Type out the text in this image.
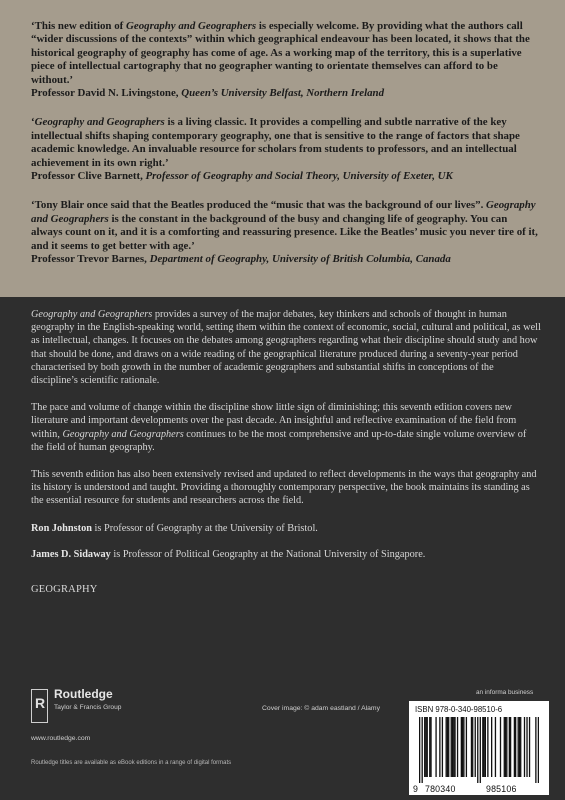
‘This new edition of Geography and Geographers is especially welcome. By providing what the authors call “wider discussions of the contexts” within which geographical endeavour has been located, it shows that the historical geography of geography has come of age. As a working map of the territory, this is a superlative piece of intellectual cartography that no geographer wanting to orientate themselves can afford to be without.’
Professor David N. Livingstone, Queen’s University Belfast, Northern Ireland

‘Geography and Geographers is a living classic. It provides a compelling and subtle narrative of the key intellectual shifts shaping contemporary geography, one that is sensitive to the range of factors that shape academic knowledge. An invaluable resource for scholars from students to professors, and an intellectual achievement in its own right.’
Professor Clive Barnett, Professor of Geography and Social Theory, University of Exeter, UK

‘Tony Blair once said that the Beatles produced the “music that was the background of our lives”. Geography and Geographers is the constant in the background of the busy and changing life of geography. You can always count on it, and it is a comforting and reassuring presence. Like the Beatles’ music you never tire of it, and it seems to get better with age.’
Professor Trevor Barnes, Department of Geography, University of British Columbia, Canada

Geography and Geographers provides a survey of the major debates, key thinkers and schools of thought in human geography in the English-speaking world, setting them within the context of economic, social, cultural and political, as well as intellectual, changes. It focuses on the debates among geographers regarding what their discipline should study and how that should be done, and draws on a wide reading of the geographical literature produced during a seventy-year period characterised by both growth in the number of academic geographers and substantial shifts in conceptions of the discipline’s scientific rationale.

The pace and volume of change within the discipline show little sign of diminishing; this seventh edition covers new literature and important developments over the past decade. An insightful and reflective examination of the field from within, Geography and Geographers continues to be the most comprehensive and up-to-date single volume overview of the field of human geography.

This seventh edition has also been extensively revised and updated to reflect developments in the ways that geography and its history is understood and taught. Providing a thoroughly contemporary perspective, the book maintains its standing as the essential resource for students and researchers across the field.

Ron Johnston is Professor of Geography at the University of Bristol.

James D. Sidaway is Professor of Political Geography at the National University of Singapore.

GEOGRAPHY
R
Routledge
Taylor & Francis Group
www.routledge.com
Routledge titles are available as eBook editions in a range of digital formats
an informa business
Cover image: © adam eastland / Alamy	ISBN 978-0-340-98510-6
9 780340	985106
